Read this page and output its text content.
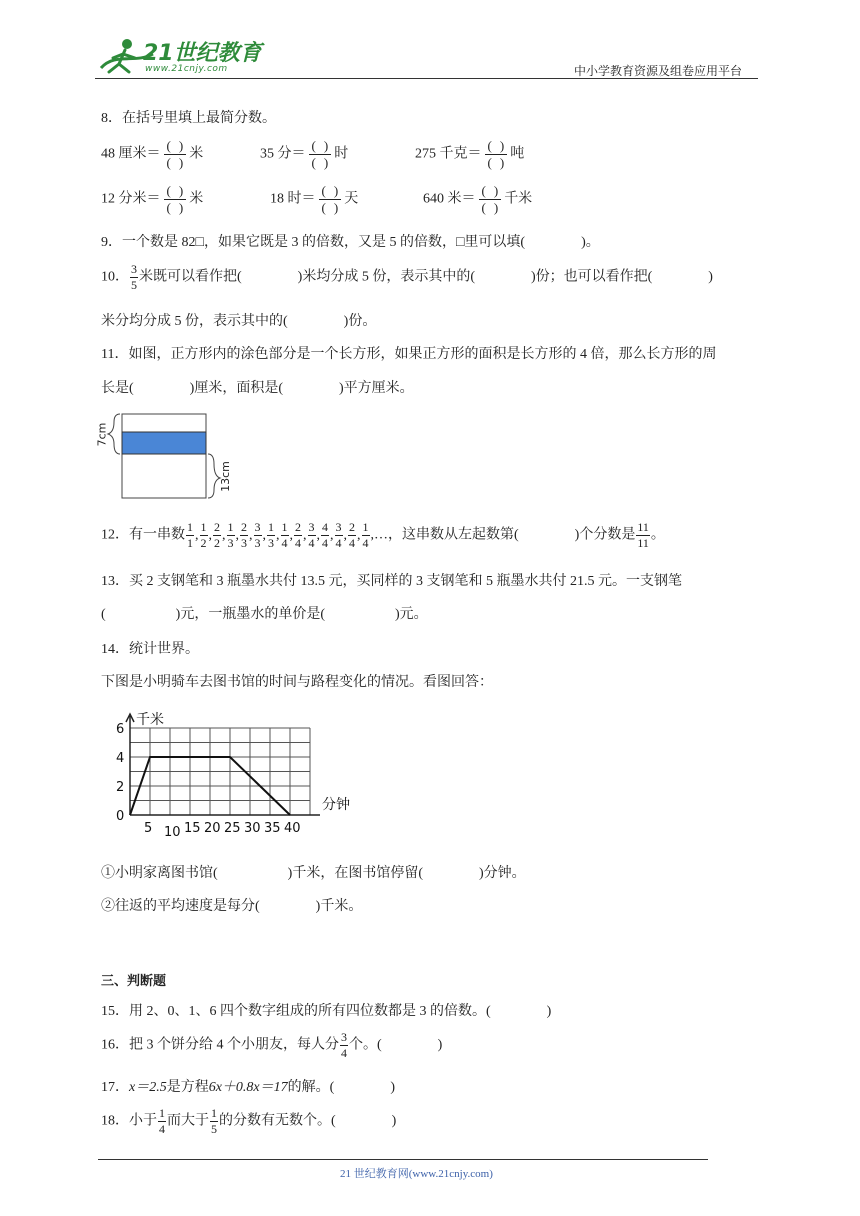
21世纪教育
www.21cnjy.com	中小学教育资源及组卷应用平台
8．在括号里填上最简分数。
48 厘米＝ $\frac{( )}{( )}$ 米	35 分＝ $\frac{( )}{( )}$ 时	275 千克＝ $\frac{( )}{( )}$ 吨
12 分米＝ $\frac{( )}{( )}$ 米	18 时＝ $\frac{( )}{( )}$ 天	640 米＝ $\frac{( )}{( )}$ 千米
9．一个数是 82□，如果它既是 3 的倍数，又是 5 的倍数，□里可以填(　　　　)。
10． $\frac{3}{5}$ 米既可以看作把(　　　　)米均分成 5 份，表示其中的(　　　　)份；也可以看作把(　　　　)
米分均分成 5 份，表示其中的(　　　　)份。
11．如图，正方形内的涂色部分是一个长方形，如果正方形的面积是长方形的 4 倍，那么长方形的周
长是(　　　　)厘米，面积是(　　　　)平方厘米。
7cm
13cm
12．有一串数 $\frac{1}{1}$ , $\frac{1}{2}$ , $\frac{2}{2}$ , $\frac{1}{3}$ , $\frac{2}{3}$ , $\frac{3}{3}$ , $\frac{1}{3}$ , $\frac{1}{4}$ , $\frac{2}{4}$ , $\frac{3}{4}$ , $\frac{4}{4}$ , $\frac{3}{4}$ , $\frac{2}{4}$ , $\frac{1}{4}$ ,…，这串数从左起数第(　　　　)个分数是 $\frac{11}{11}$ 。
13．买 2 支钢笔和 3 瓶墨水共付 13.5 元，买同样的 3 支钢笔和 5 瓶墨水共付 21.5 元。一支钢笔
(　　　　　)元，一瓶墨水的单价是(　　　　　)元。
14．统计世界。
下图是小明骑车去图书馆的时间与路程变化的情况。看图回答：
0
2
4
6
5 10 15 20 25 30 35 40
千米
分钟
①小明家离图书馆(　　　　　)千米，在图书馆停留(　　　　)分钟。
②往返的平均速度是每分(　　　　)千米。
三、判断题
15．用 2、0、1、6 四个数字组成的所有四位数都是 3 的倍数。(　　　　)
16．把 3 个饼分给 4 个小朋友，每人分 $\frac{3}{4}$ 个。(　　　　)
17．x＝2.5是方程6x＋0.8x＝17的解。(　　　　)
18．小于 $\frac{1}{4}$ 而大于 $\frac{1}{5}$ 的分数有无数个。(　　　　)
21 世纪教育网(www.21cnjy.com)
